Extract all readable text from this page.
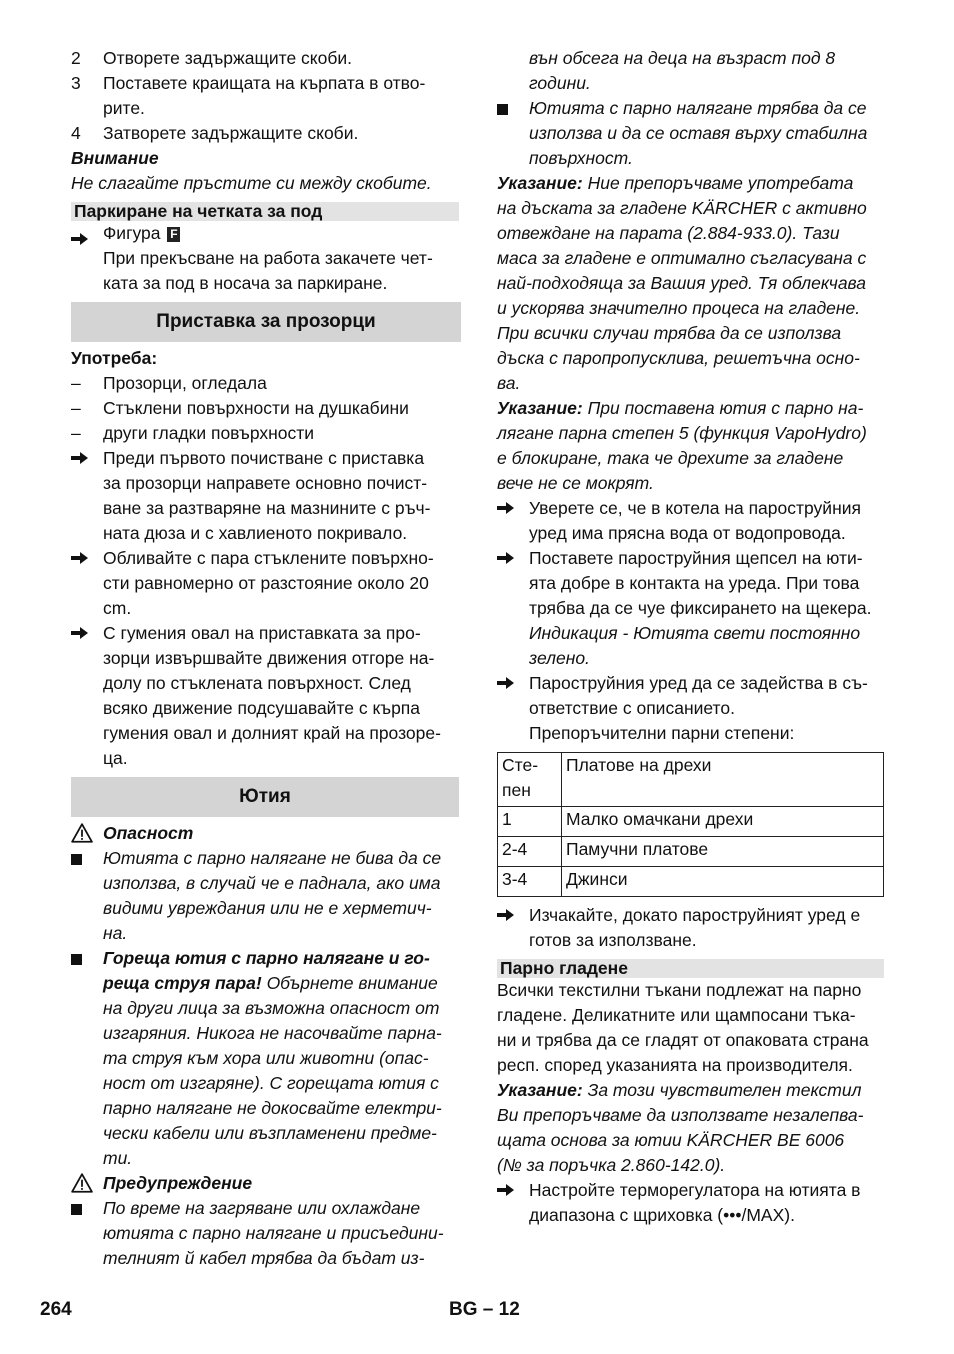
2 Отворете задържащите скоби.
3 Поставете краищата на кърпата в отво-
рите.
4 Затворете задържащите скоби.
Внимание
Не слагайте пръстите си между скобите.
Паркиране на четката за под
Фигура F
При прекъсване на работа закачете чет-
ката за под в носача за паркиране.
Приставка за прозорци
Употреба:
– Прозорци, огледала
– Стъклени повърхности на душкабини
– други гладки повърхности
Преди първото почистване с приставка
за прозорци направете основно почист-
ване за разтваряне на мазнините с ръч-
ната дюза и с хавлиеното покривало.
Обливайте с пара стъклените повърхно-
сти равномерно от разстояние около 20
cm.
С гумения овал на приставката за про-
зорци извършвайте движения отгоре на-
долу по стъклената повърхност. След
всяко движение подсушавайте с кърпа
гумения овал и долният край на прозоре-
ца.
Ютия
Опасност
Ютията с парно налягане не бива да се
използва, в случай че е паднала, ако има
видими увреждания или не е херметич-
на.
Гореща ютия с парно налягане и го-
реща струя пара! Обърнете внимание
на други лица за възможна опасност от
изгаряния. Никога не насочвайте парна-
та струя към хора или животни (опас-
ност от изгаряне). С горещата ютия с
парно налягане не докосвайте електри-
чески кабели или възпламенени предме-
ти.
Предупреждение
По време на загряване или охлаждане
ютията с парно налягане и присъедини-
телният й кабел трябва да бъдат из-
вън обсега на деца на възраст под 8
години.
Ютията с парно налягане трябва да се
използва и да се оставя върху стабилна
повърхност.
Указание: Ние препоръчваме употребата
на дъската за гладене KÄRCHER с активно
отвеждане на парата (2.884-933.0). Тази
маса за гладене е оптимално съгласувана с
най-подходяща за Вашия уред. Тя облекчава
и ускорява значително процеса на гладене.
При всички случаи трябва да се използва
дъска с паропропусклива, решетъчна осно-
ва.
Указание: При поставена ютия с парно на-
лягане парна степен 5 (функция VapoHydro)
е блокиране, така че дрехите за гладене
вече не се мокрят.
Уверете се, че в котела на пароструйния
уред има прясна вода от водопровода.
Поставете пароструйния щепсел на юти-
ята добре в контакта на уреда. При това
трябва да се чуе фиксирането на щекера.
Индикация - Ютията свети постоянно
зелено.
Пароструйния уред да се задейства в съ-
ответствие с описанието.
Препоръчителни парни степени:
Сте-
пен	Платове на дрехи
1	Малко омачкани дрехи
2-4	Памучни платове
3-4	Джинси
Изчакайте, докато пароструйният уред е
готов за използване.
Парно гладене
Всички текстилни тъкани подлежат на парно
гладене. Деликатните или щампосани тъка-
ни и трябва да се гладят от опаковата страна
респ. според указанията на производителя.
Указание: За този чувствителен текстил
Ви препоръчваме да използвате незалепва-
щата основа за ютии KÄRCHER BE 6006
(№ за поръчка 2.860-142.0).
Настройте терморегулатора на ютията в
диапазона с щриховка (•••/MAX).
264	BG – 12
